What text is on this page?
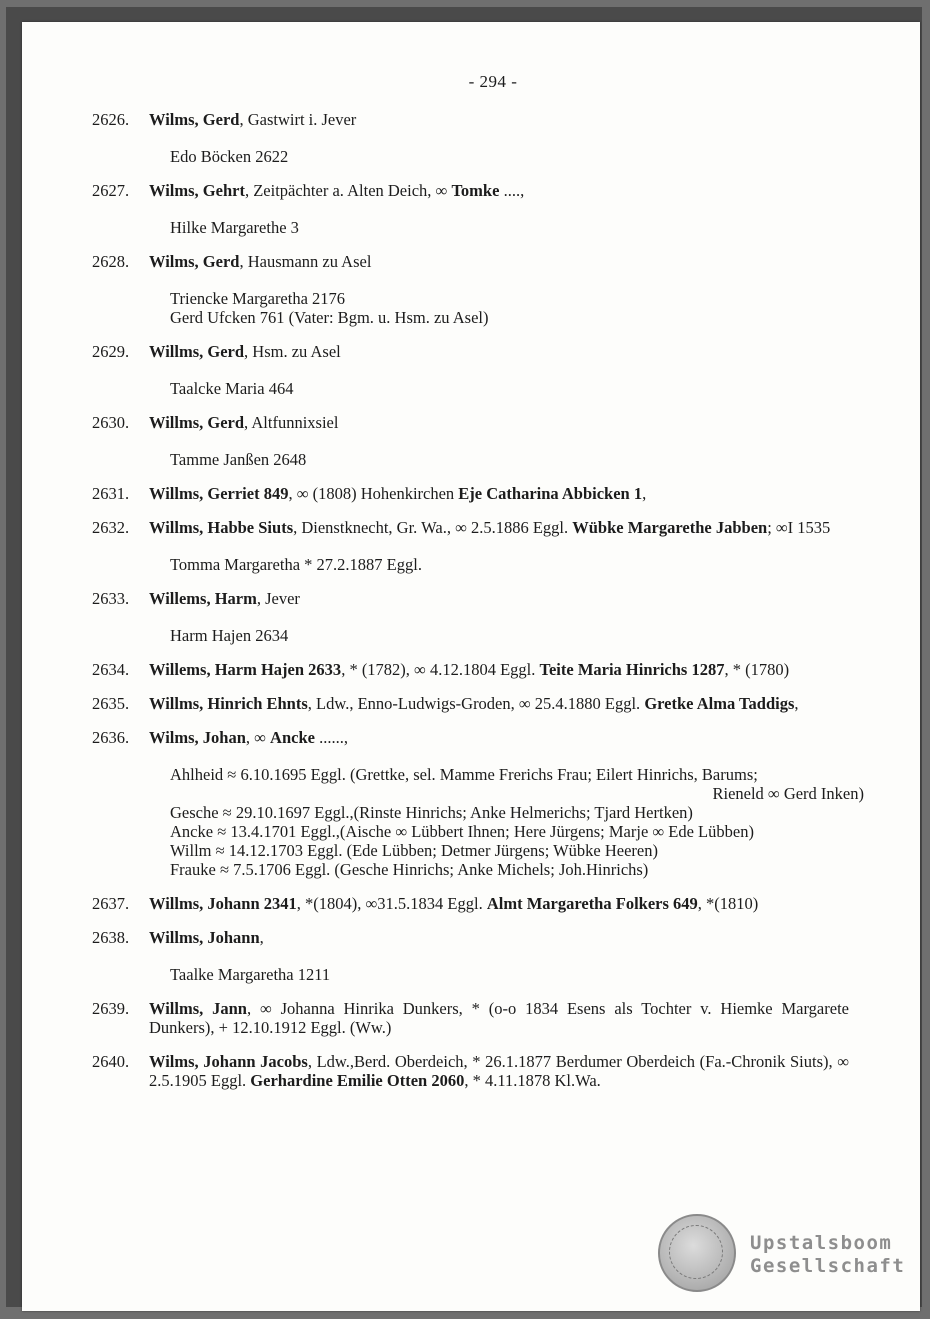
- 294 -
2626. Wilms, Gerd, Gastwirt i. Jever
Edo Böcken 2622
2627. Wilms, Gehrt, Zeitpächter a. Alten Deich, ∞ Tomke ....,
Hilke Margarethe 3
2628. Wilms, Gerd, Hausmann zu Asel
Triencke Margaretha 2176
Gerd Ufcken 761 (Vater: Bgm. u. Hsm. zu Asel)
2629. Willms, Gerd, Hsm. zu Asel
Taalcke Maria 464
2630. Willms, Gerd, Altfunnixsiel
Tamme Janßen 2648
2631. Willms, Gerriet 849, ∞ (1808) Hohenkirchen Eje Catharina Abbicken 1,
2632. Willms, Habbe Siuts, Dienstknecht, Gr. Wa., ∞ 2.5.1886 Eggl. Wübke Margarethe Jabben; ∞I 1535
Tomma Margaretha * 27.2.1887 Eggl.
2633. Willems, Harm, Jever
Harm Hajen 2634
2634. Willems, Harm Hajen 2633, * (1782), ∞ 4.12.1804 Eggl. Teite Maria Hinrichs 1287, * (1780)
2635. Willms, Hinrich Ehnts, Ldw., Enno-Ludwigs-Groden, ∞ 25.4.1880 Eggl. Gretke Alma Taddigs,
2636. Wilms, Johan, ∞ Ancke ......,
Ahlheid ≈ 6.10.1695 Eggl. (Grettke, sel. Mamme Frerichs Frau; Eilert Hinrichs, Barums;
Rieneld ∞ Gerd Inken)
Gesche ≈ 29.10.1697 Eggl.,(Rinste Hinrichs; Anke Helmerichs; Tjard Hertken)
Ancke ≈ 13.4.1701 Eggl.,(Aische ∞ Lübbert Ihnen; Here Jürgens; Marje ∞ Ede Lübben)
Willm ≈ 14.12.1703 Eggl. (Ede Lübben; Detmer Jürgens; Wübke Heeren)
Frauke ≈ 7.5.1706 Eggl. (Gesche Hinrichs; Anke Michels; Joh.Hinrichs)
2637. Willms, Johann 2341, *(1804), ∞31.5.1834 Eggl. Almt Margaretha Folkers 649, *(1810)
2638. Willms, Johann,
Taalke Margaretha 1211
2639. Willms, Jann, ∞ Johanna Hinrika Dunkers, * (o-o 1834 Esens als Tochter v. Hiemke Margarete Dunkers), + 12.10.1912 Eggl. (Ww.)
2640. Wilms, Johann Jacobs, Ldw.,Berd. Oberdeich, * 26.1.1877 Berdumer Oberdeich (Fa.-Chronik Siuts), ∞ 2.5.1905 Eggl. Gerhardine Emilie Otten 2060, * 4.11.1878 Kl.Wa.
Upstalsboom
Gesellschaft
